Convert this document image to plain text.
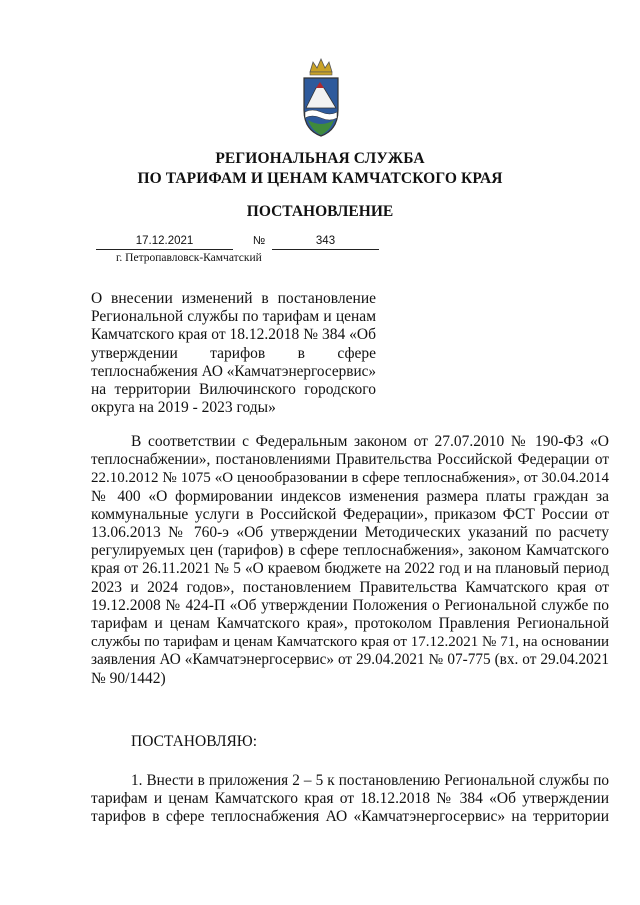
РЕГИОНАЛЬНАЯ СЛУЖБА
ПО ТАРИФАМ И ЦЕНАМ КАМЧАТСКОГО КРАЯ
ПОСТАНОВЛЕНИЕ
17.12.2021	№	343
г. Петропавловск-Камчатский
О внесении изменений в постановление
Региональной службы по тарифам и ценам
Камчатского края от 18.12.2018 № 384 «Об
утверждении тарифов в сфере
теплоснабжения АО «Камчатэнергосервис»
на территории Вилючинского городского
округа на 2019 - 2023 годы»
В соответствии с Федеральным законом от 27.07.2010 № 190-ФЗ «О
теплоснабжении», постановлениями Правительства Российской Федерации от
22.10.2012 № 1075 «О ценообразовании в сфере теплоснабжения», от 30.04.2014
№ 400 «О формировании индексов изменения размера платы граждан за
коммунальные услуги в Российской Федерации», приказом ФСТ России от
13.06.2013 № 760-э «Об утверждении Методических указаний по расчету
регулируемых цен (тарифов) в сфере теплоснабжения», законом Камчатского
края от 26.11.2021 № 5 «О краевом бюджете на 2022 год и на плановый период
2023 и 2024 годов», постановлением Правительства Камчатского края от
19.12.2008 № 424-П «Об утверждении Положения о Региональной службе по
тарифам и ценам Камчатского края», протоколом Правления Региональной
службы по тарифам и ценам Камчатского края от 17.12.2021 № 71, на основании
заявления АО «Камчатэнергосервис» от 29.04.2021 № 07-775 (вх. от 29.04.2021
№ 90/1442)
ПОСТАНОВЛЯЮ:
1. Внести в приложения 2 – 5 к постановлению Региональной службы по
тарифам и ценам Камчатского края от 18.12.2018 № 384 «Об утверждении
тарифов в сфере теплоснабжения АО «Камчатэнергосервис» на территории
